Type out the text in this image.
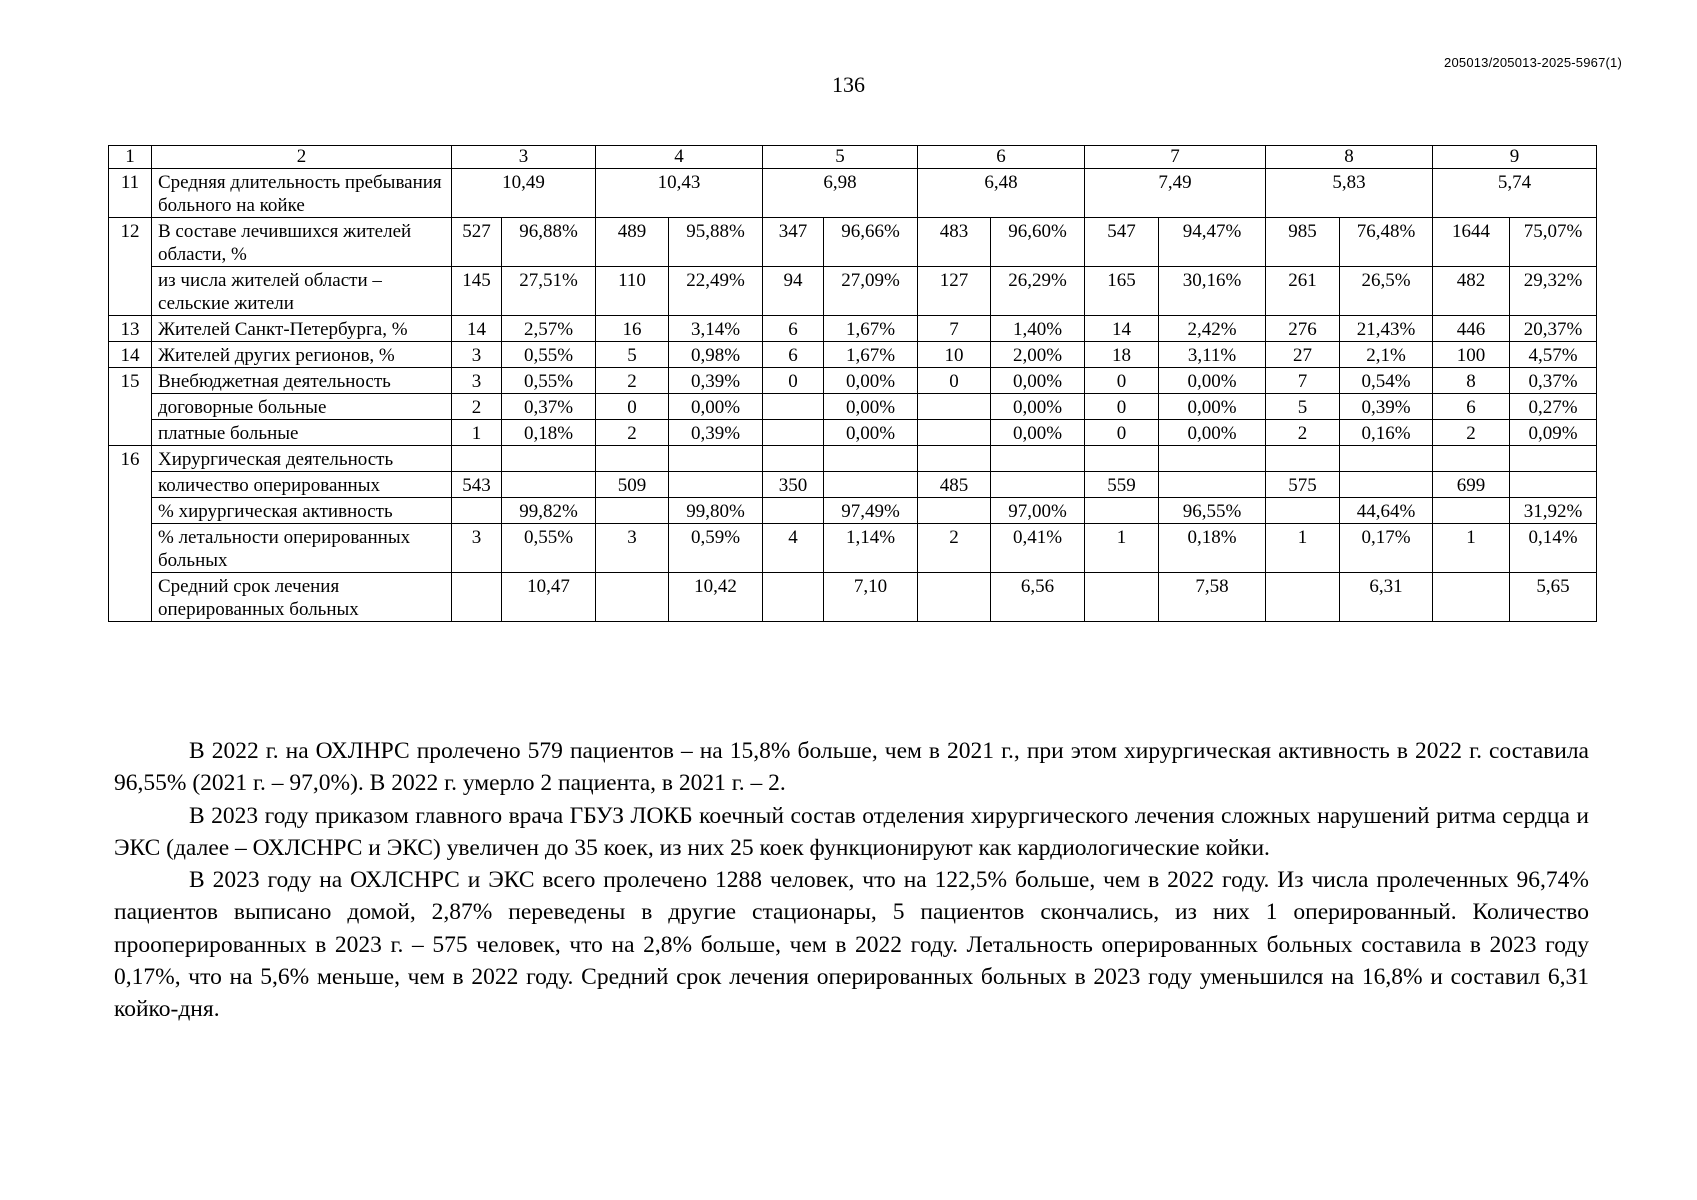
205013/205013-2025-5967(1)
136
1	2	3		4		5		6		7		8		9	
11	Средняя длительность пребывания больного на койке	10,49		10,43		6,98		6,48		7,49		5,83		5,74	
12	В составе лечившихся жителей области, %	527	96,88%	489	95,88%	347	96,66%	483	96,60%	547	94,47%	985	76,48%	1644	75,07%
	из числа жителей области – сельские жители	145	27,51%	110	22,49%	94	27,09%	127	26,29%	165	30,16%	261	26,5%	482	29,32%
13	Жителей Санкт-Петербурга, %	14	2,57%	16	3,14%	6	1,67%	7	1,40%	14	2,42%	276	21,43%	446	20,37%
14	Жителей других регионов, %	3	0,55%	5	0,98%	6	1,67%	10	2,00%	18	3,11%	27	2,1%	100	4,57%
15	Внебюджетная деятельность	3	0,55%	2	0,39%	0	0,00%	0	0,00%	0	0,00%	7	0,54%	8	0,37%
	договорные больные	2	0,37%	0	0,00%		0,00%		0,00%	0	0,00%	5	0,39%	6	0,27%
	платные больные	1	0,18%	2	0,39%		0,00%		0,00%	0	0,00%	2	0,16%	2	0,09%
16	Хирургическая деятельность														
	количество оперированных	543		509		350		485		559		575		699	
	% хирургическая активность		99,82%		99,80%		97,49%		97,00%		96,55%		44,64%		31,92%
	% летальности оперированных больных	3	0,55%	3	0,59%	4	1,14%	2	0,41%	1	0,18%	1	0,17%	1	0,14%
	Средний срок лечения оперированных больных		10,47		10,42		7,10		6,56		7,58		6,31		5,65

В 2022 г. на ОХЛНРС пролечено 579 пациентов – на 15,8% больше, чем в 2021 г., при этом хирургическая активность в 2022 г. составила 96,55% (2021 г. – 97,0%). В 2022 г. умерло 2 пациента, в 2021 г. – 2.

В 2023 году приказом главного врача ГБУЗ ЛОКБ коечный состав отделения хирургического лечения сложных нарушений ритма сердца и ЭКС (далее – ОХЛСНРС и ЭКС) увеличен до 35 коек, из них 25 коек функционируют как кардиологические койки.

В 2023 году на ОХЛСНРС и ЭКС всего пролечено 1288 человек, что на 122,5% больше, чем в 2022 году. Из числа пролеченных 96,74% пациентов выписано домой, 2,87% переведены в другие стационары, 5 пациентов скончались, из них 1 оперированный. Количество прооперированных в 2023 г. – 575 человек, что на 2,8% больше, чем в 2022 году. Летальность оперированных больных составила в 2023 году 0,17%, что на 5,6% меньше, чем в 2022 году. Средний срок лечения оперированных больных в 2023 году уменьшился на 16,8% и составил 6,31 койко-дня.
